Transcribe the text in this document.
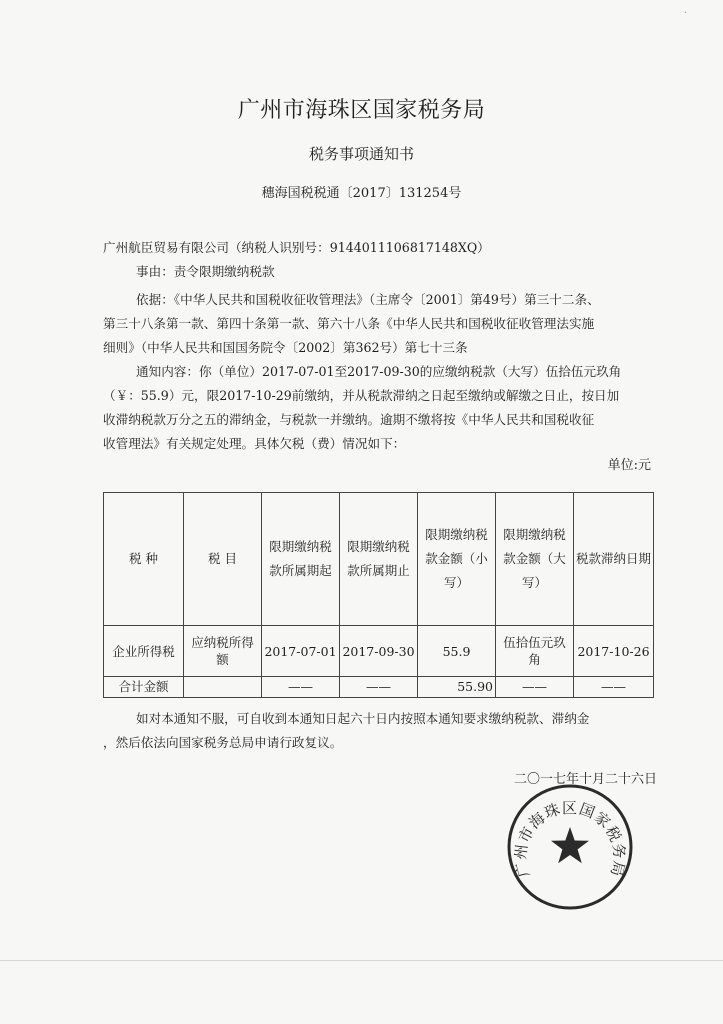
·
广州市海珠区国家税务局
税务事项通知书
穗海国税税通〔2017〕131254号
广州航臣贸易有限公司（纳税人识别号：9144011106817148XQ）
事由：责令限期缴纳税款
依据：《中华人民共和国税收征收管理法》（主席令〔2001〕第49号）第三十二条、
第三十八条第一款、第四十条第一款、第六十八条《中华人民共和国税收征收管理法实施
细则》（中华人民共和国国务院令〔2002〕第362号）第七十三条
通知内容：你（单位）2017-07-01至2017-09-30的应缴纳税款（大写）伍拾伍元玖角
（￥：55.9）元，限2017-10-29前缴纳，并从税款滞纳之日起至缴纳或解缴之日止，按日加
收滞纳税款万分之五的滞纳金，与税款一并缴纳。逾期不缴将按《中华人民共和国税收征
收管理法》有关规定处理。具体欠税（费）情况如下：
单位:元
税 种	税 目	限期缴纳税款所属期起	限期缴纳税款所属期止	限期缴纳税款金额（小写）	限期缴纳税款金额（大写）	税款滞纳日期
企业所得税	应纳税所得额	2017-07-01	2017-09-30	55.9	伍拾伍元玖角	2017-10-26
合计金额		——	——	55.90	——	——
如对本通知不服，可自收到本通知日起六十日内按照本通知要求缴纳税款、滞纳金
，然后依法向国家税务总局申请行政复议。
二〇一七年十月二十六日
广州市海珠区国家税务局
